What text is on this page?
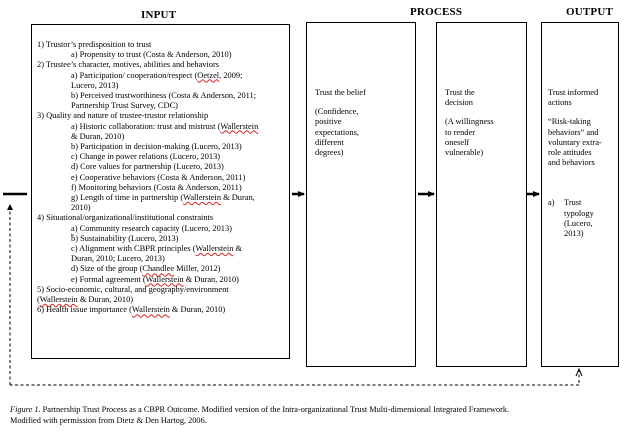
INPUT	PROCESS	OUTPUT
1) Trustor’s predisposition to trust
a) Propensity to trust (Costa & Anderson, 2010)
2) Trustee’s character, motives, abilities and behaviors
a) Participation/ cooperation/respect (Oetzel, 2009;
Lucero, 2013)
b) Perceived trustworthiness (Costa & Anderson, 2011;
Partnership Trust Survey, CDC)
3) Quality and nature of trustee-trustor relationship
a) Historic collaboration: trust and mistrust (Wallerstein
& Duran, 2010)
b) Participation in decision-making (Lucero, 2013)
c) Change in power relations (Lucero, 2013)
d) Core values for partnership (Lucero, 2013)
e) Cooperative behaviors (Costa & Anderson, 2011)
f) Monitoring behaviors (Costa & Anderson, 2011)
g) Length of time in partnership (Wallerstein & Duran,
2010)
4) Situational/organizational/institutional constraints
a) Community research capacity (Lucero, 2013)
b) Sustainability (Lucero, 2013)
c) Alignment with CBPR principles (Wallerstein &
Duran, 2010; Lucero, 2013)
d) Size of the group (Chandlee Miller, 2012)
e) Formal agreement (Wallerstein & Duran, 2010)
5) Socio-economic, cultural, and geography/environment
(Wallerstein & Duran, 2010)
6) Health issue importance (Wallerstein & Duran, 2010)
Trust the belief
(Confidence,
positive
expectations,
different
degrees)
Trust the
decision
(A willingness
to render
oneself
vulnerable)
Trust informed
actions
“Risk-taking
behaviors” and
voluntary extra-
role attitudes
and behaviors
a) Trust
typology
(Lucero,
2013)
Figure 1. Partnership Trust Process as a CBPR Outcome. Modified version of the Intra-organizational Trust Multi-dimensional Integrated Framework.
Modified with permission from Dietz & Den Hartog, 2006.
